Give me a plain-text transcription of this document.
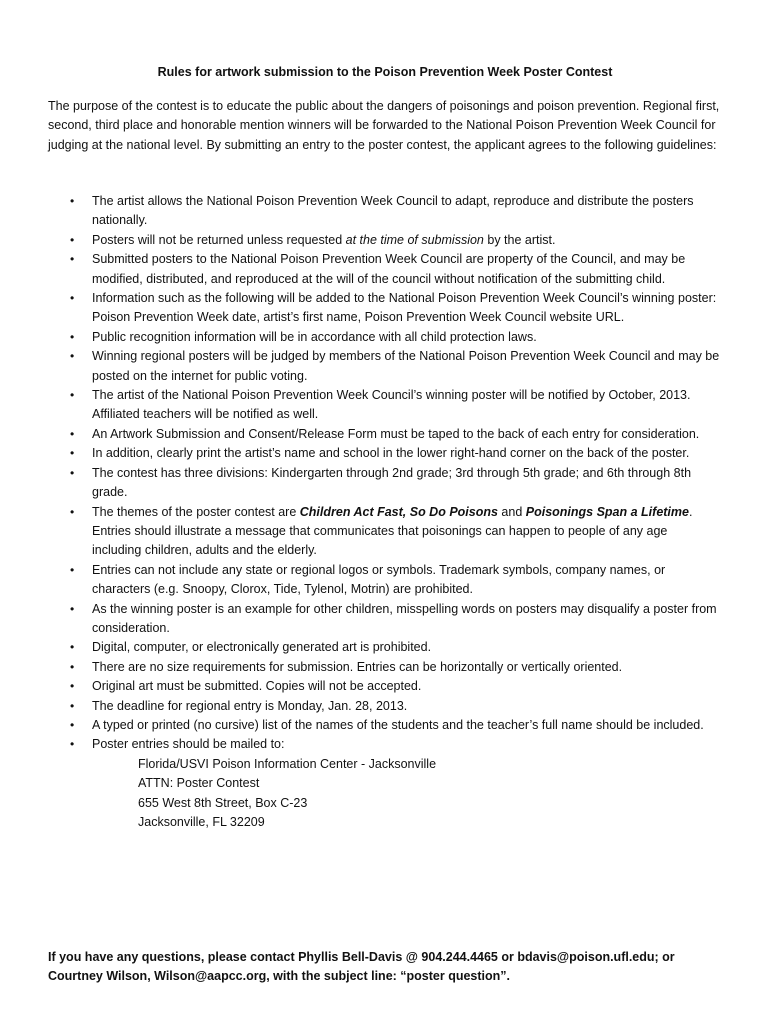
Rules for artwork submission to the Poison Prevention Week Poster Contest

The purpose of the contest is to educate the public about the dangers of poisonings and poison prevention. Regional first, second, third place and honorable mention winners will be forwarded to the National Poison Prevention Week Council for judging at the national level. By submitting an entry to the poster contest, the applicant agrees to the following guidelines:

• The artist allows the National Poison Prevention Week Council to adapt, reproduce and distribute the posters nationally.
• Posters will not be returned unless requested at the time of submission by the artist.
• Submitted posters to the National Poison Prevention Week Council are property of the Council, and may be modified, distributed, and reproduced at the will of the council without notification of the submitting child.
• Information such as the following will be added to the National Poison Prevention Week Council’s winning poster: Poison Prevention Week date, artist’s first name, Poison Prevention Week Council website URL.
• Public recognition information will be in accordance with all child protection laws.
• Winning regional posters will be judged by members of the National Poison Prevention Week Council and may be posted on the internet for public voting.
• The artist of the National Poison Prevention Week Council’s winning poster will be notified by October, 2013. Affiliated teachers will be notified as well.
• An Artwork Submission and Consent/Release Form must be taped to the back of each entry for consideration.
• In addition, clearly print the artist’s name and school in the lower right-hand corner on the back of the poster.
• The contest has three divisions: Kindergarten through 2nd grade; 3rd through 5th grade; and 6th through 8th grade.
• The themes of the poster contest are Children Act Fast, So Do Poisons and Poisonings Span a Lifetime. Entries should illustrate a message that communicates that poisonings can happen to people of any age including children, adults and the elderly.
• Entries can not include any state or regional logos or symbols. Trademark symbols, company names, or characters (e.g. Snoopy, Clorox, Tide, Tylenol, Motrin) are prohibited.
• As the winning poster is an example for other children, misspelling words on posters may disqualify a poster from consideration.
• Digital, computer, or electronically generated art is prohibited.
• There are no size requirements for submission. Entries can be horizontally or vertically oriented.
• Original art must be submitted. Copies will not be accepted.
• The deadline for regional entry is Monday, Jan. 28, 2013.
• A typed or printed (no cursive) list of the names of the students and the teacher’s full name should be included.
• Poster entries should be mailed to:
Florida/USVI Poison Information Center - Jacksonville
ATTN: Poster Contest
655 West 8th Street, Box C-23
Jacksonville, FL 32209

If you have any questions, please contact Phyllis Bell-Davis @ 904.244.4465 or bdavis@poison.ufl.edu; or Courtney Wilson, Wilson@aapcc.org, with the subject line: “poster question”.
